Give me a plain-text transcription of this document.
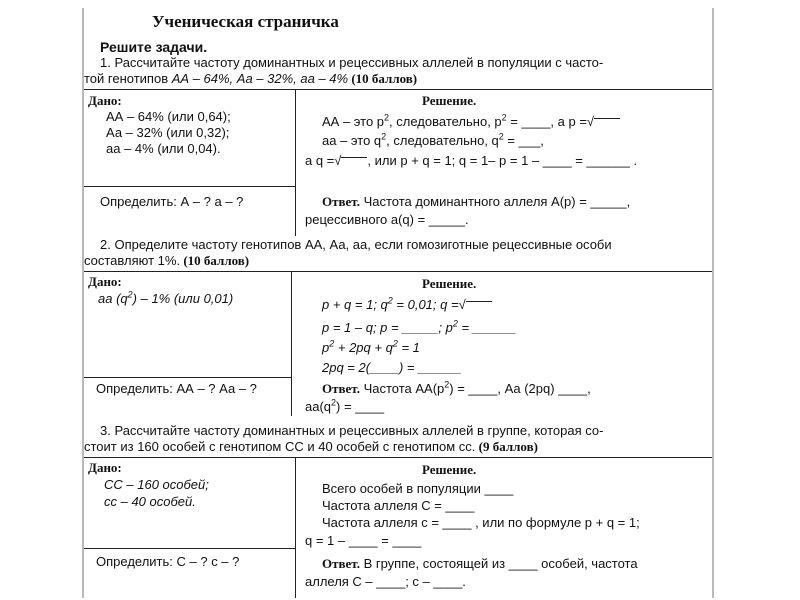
Ученическая страничка
Решите задачи.
1. Рассчитайте частоту доминантных и рецессивных аллелей в популяции с часто-
той генотипов АА – 64%, Аа – 32%, аа – 4% (10 баллов)
Дано:
АА – 64% (или 0,64);
Аа – 32% (или 0,32);
аа – 4% (или 0,04).
Определить: А – ? а – ?
Решение.
АА – это $р^2$, следовательно, $р^2$ = ____, а р =√
аа – это $q^2$, следовательно, $q^2$ = ___,
а q =√ , или р + q = 1; q = 1– р = 1 – ____ = ______ .
Ответ. Частота доминантного аллеля А(р) = _____,
рецессивного а(q) = _____.
2. Определите частоту генотипов АА, Аа, аа, если гомозиготные рецессивные особи
составляют 1%. (10 баллов)
Дано:
аа $(q^2) - 1\%$ (или 0,01)
Определить: АА – ? Аа – ?
Решение.
р + q = 1; $q^2 = 0,01$; q =√
р = 1 – q; р = _____; $р^2$ = ______
$р^2 + 2рq + q^2 = 1$
2рq = 2(____) = ______
Ответ. Частота $АА(р^2)$ = ____, Аа (2рq) ____,
$аа(q^2)$ = ____
3. Рассчитайте частоту доминантных и рецессивных аллелей в группе, которая со-
стоит из 160 особей с генотипом СС и 40 особей с генотипом сс. (9 баллов)
Дано:
СС – 160 особей;
сс – 40 особей.
Определить: С – ? с – ?
Решение.
Всего особей в популяции ____
Частота аллеля С = ____
Частота аллеля с = ____ , или по формуле р + q = 1;
q = 1 – ____ = ____
Ответ. В группе, состоящей из ____ особей, частота
аллеля С – ____; с – ____.
